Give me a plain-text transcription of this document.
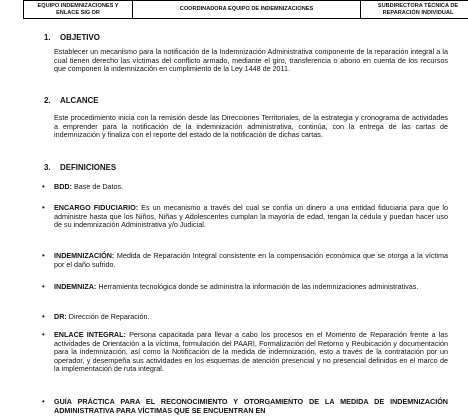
EQUIPO INDEMNIZACIONES Y
ENLACE SIG DR

COORDINADORA EQUIPO DE INDEMNIZACIONES

SUBDIRECTORA TÉCNICA DE
REPARACIÓN INDIVIDUAL
1. OBJETIVO
Establecer un mecanismo para la notificación de la Indemnización Administrativa componente de la reparación integral a la cual tienen derecho las víctimas del conflicto armado, mediante el giro, transferencia o abono en cuenta de los recursos que componen la indemnización en cumplimiento de la Ley 1448 de 2011.
2. ALCANCE
Este procedimiento inicia con la remisión desde las Direcciones Territoriales, de la estrategia y cronograma de actividades a emprender para la notificación de la indemnización administrativa, continúa, con la entrega de las cartas de indemnización y finaliza con el reporte del estado de la notificación de dichas cartas.
3. DEFINICIONES
• BDD: Base de Datos.
• ENCARGO FIDUCIARIO: Es un mecanismo a través del cual se confía un dinero a una entidad fiduciaria para que lo administre hasta que los Niños, Niñas y Adolescentes cumplan la mayoría de edad, tengan la cédula y puedan hacer uso de su indemnización Administrativa y/o Judicial.
• INDEMNIZACIÓN: Medida de Reparación Integral consistente en la compensación económica que se otorga a la víctima por el daño sufrido.
• INDEMNIZA: Herramienta tecnológica donde se administra la información de las indemnizaciones administrativas.
• DR: Dirección de Reparación.
• ENLACE INTEGRAL: Persona capacitada para llevar a cabo los procesos en el Momento de Reparación frente a las actividades de Orientación a la víctima, formulación del PAARI, Formalización del Retorno y Reubicación y documentación para la indemnización, así como la Notificación de la medida de indemnización, esto a través de la contratación por un operador, y desempeña sus actividades en los esquemas de atención presencial y no presencial definidos en el marco de la implementación de ruta integral.
• GUÍA PRÁCTICA PARA EL RECONOCIMIENTO Y OTORGAMIENTO DE LA MEDIDA DE INDEMNIZACIÓN ADMINISTRATIVA PARA VÍCTIMAS QUE SE ENCUENTRAN EN
